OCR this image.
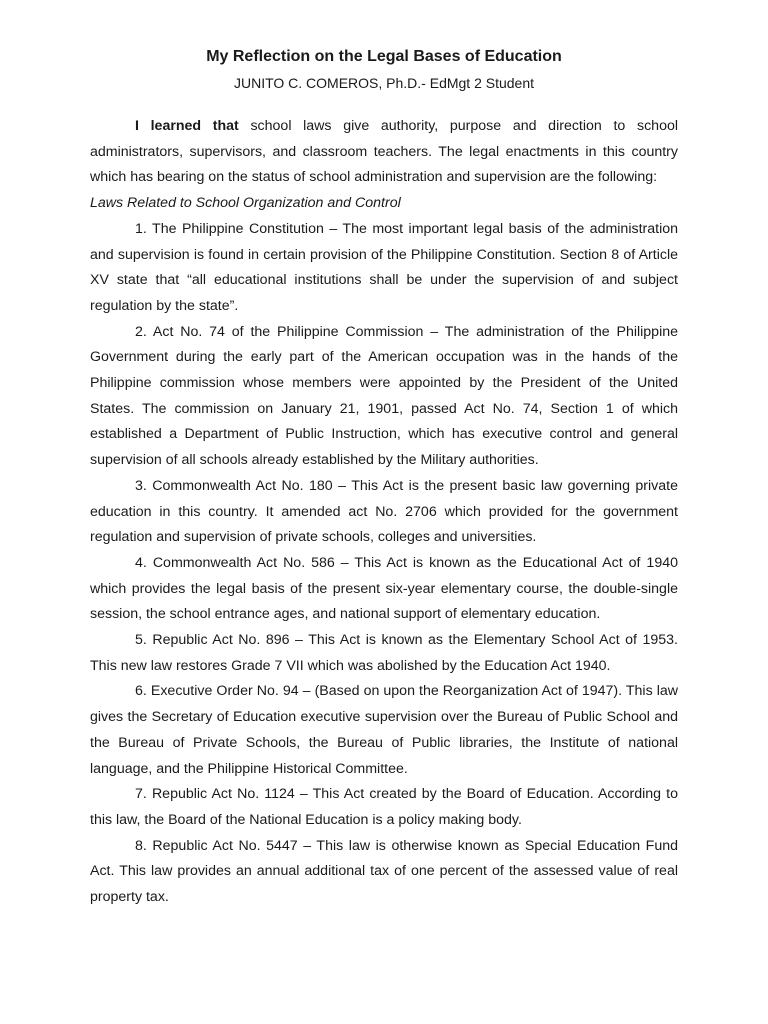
My Reflection on the Legal Bases of Education
JUNITO C. COMEROS, Ph.D.- EdMgt 2 Student

I learned that school laws give authority, purpose and direction to school administrators, supervisors, and classroom teachers. The legal enactments in this country which has bearing on the status of school administration and supervision are the following:

Laws Related to School Organization and Control

1. The Philippine Constitution – The most important legal basis of the administration and supervision is found in certain provision of the Philippine Constitution. Section 8 of Article XV state that “all educational institutions shall be under the supervision of and subject regulation by the state”.

2. Act No. 74 of the Philippine Commission – The administration of the Philippine Government during the early part of the American occupation was in the hands of the Philippine commission whose members were appointed by the President of the United States. The commission on January 21, 1901, passed Act No. 74, Section 1 of which established a Department of Public Instruction, which has executive control and general supervision of all schools already established by the Military authorities.

3. Commonwealth Act No. 180 – This Act is the present basic law governing private education in this country. It amended act No. 2706 which provided for the government regulation and supervision of private schools, colleges and universities.

4. Commonwealth Act No. 586 – This Act is known as the Educational Act of 1940 which provides the legal basis of the present six-year elementary course, the double-single session, the school entrance ages, and national support of elementary education.

5. Republic Act No. 896 – This Act is known as the Elementary School Act of 1953. This new law restores Grade 7 VII which was abolished by the Education Act 1940.

6. Executive Order No. 94 – (Based on upon the Reorganization Act of 1947). This law gives the Secretary of Education executive supervision over the Bureau of Public School and the Bureau of Private Schools, the Bureau of Public libraries, the Institute of national language, and the Philippine Historical Committee.

7. Republic Act No. 1124 – This Act created by the Board of Education. According to this law, the Board of the National Education is a policy making body.

8. Republic Act No. 5447 – This law is otherwise known as Special Education Fund Act. This law provides an annual additional tax of one percent of the assessed value of real property tax.
